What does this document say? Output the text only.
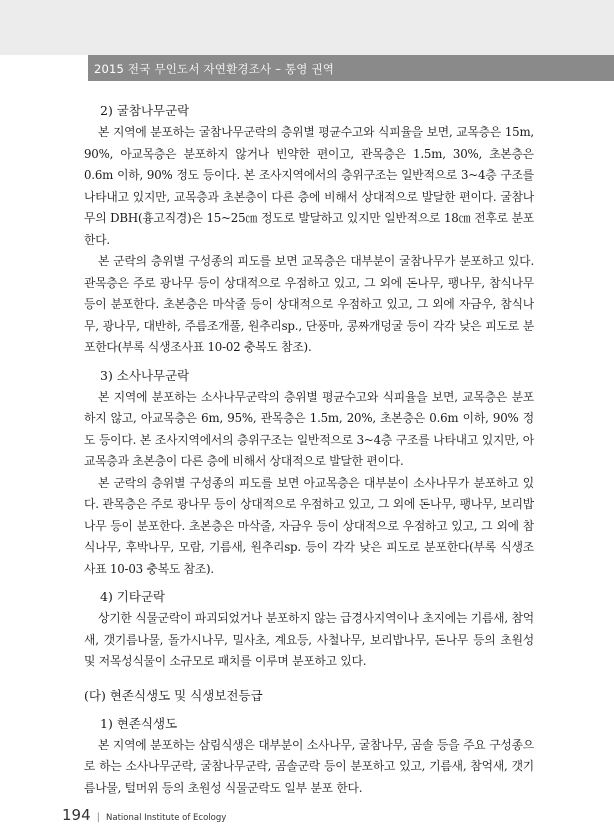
2015 전국 무인도서 자연환경조사 – 통영 권역
2) 굴참나무군락

본 지역에 분포하는 굴참나무군락의 층위별 평균수고와 식피율을 보면, 교목층은 15m, 90%, 아교목층은 분포하지 않거나 빈약한 편이고, 관목층은 1.5m, 30%, 초본층은 0.6m 이하, 90% 정도 등이다. 본 조사지역에서의 층위구조는 일반적으로 3~4층 구조를 나타내고 있지만, 교목층과 초본층이 다른 층에 비해서 상대적으로 발달한 편이다. 굴참나무의 DBH(흉고직경)은 15~25㎝ 정도로 발달하고 있지만 일반적으로 18㎝ 전후로 분포한다.

본 군락의 층위별 구성종의 피도를 보면 교목층은 대부분이 굴참나무가 분포하고 있다. 관목층은 주로 광나무 등이 상대적으로 우점하고 있고, 그 외에 돈나무, 팽나무, 참식나무 등이 분포한다. 초본층은 마삭줄 등이 상대적으로 우점하고 있고, 그 외에 자금우, 참식나무, 광나무, 대반하, 주름조개풀, 원추리sp., 단풍마, 콩짜개덩굴 등이 각각 낮은 피도로 분포한다(부록 식생조사표 10-02 충복도 참조).

3) 소사나무군락

본 지역에 분포하는 소사나무군락의 층위별 평균수고와 식피율을 보면, 교목층은 분포하지 않고, 아교목층은 6m, 95%, 관목층은 1.5m, 20%, 초본층은 0.6m 이하, 90% 정도 등이다. 본 조사지역에서의 층위구조는 일반적으로 3~4층 구조를 나타내고 있지만, 아교목층과 초본층이 다른 층에 비해서 상대적으로 발달한 편이다.

본 군락의 층위별 구성종의 피도를 보면 아교목층은 대부분이 소사나무가 분포하고 있다. 관목층은 주로 광나무 등이 상대적으로 우점하고 있고, 그 외에 돈나무, 팽나무, 보리밥나무 등이 분포한다. 초본층은 마삭줄, 자금우 등이 상대적으로 우점하고 있고, 그 외에 참식나무, 후박나무, 모람, 기름새, 원추리sp. 등이 각각 낮은 피도로 분포한다(부록 식생조사표 10-03 충복도 참조).

4) 기타군락

상기한 식물군락이 파괴되었거나 분포하지 않는 급경사지역이나 초지에는 기름새, 참억새, 갯기름나물, 돌가시나무, 밀사초, 계요등, 사철나무, 보리밥나무, 돈나무 등의 초원성 및 저목성식물이 소규모로 패치를 이루며 분포하고 있다.

(다) 현존식생도 및 식생보전등급
1) 현존식생도

본 지역에 분포하는 삼림식생은 대부분이 소사나무, 굴참나무, 곰솔 등을 주요 구성종으로 하는 소사나무군락, 굴참나무군락, 곰솔군락 등이 분포하고 있고, 기름새, 참억새, 갯기름나물, 털머위 등의 초원성 식물군락도 일부 분포 한다.

194 | National Institute of Ecology
